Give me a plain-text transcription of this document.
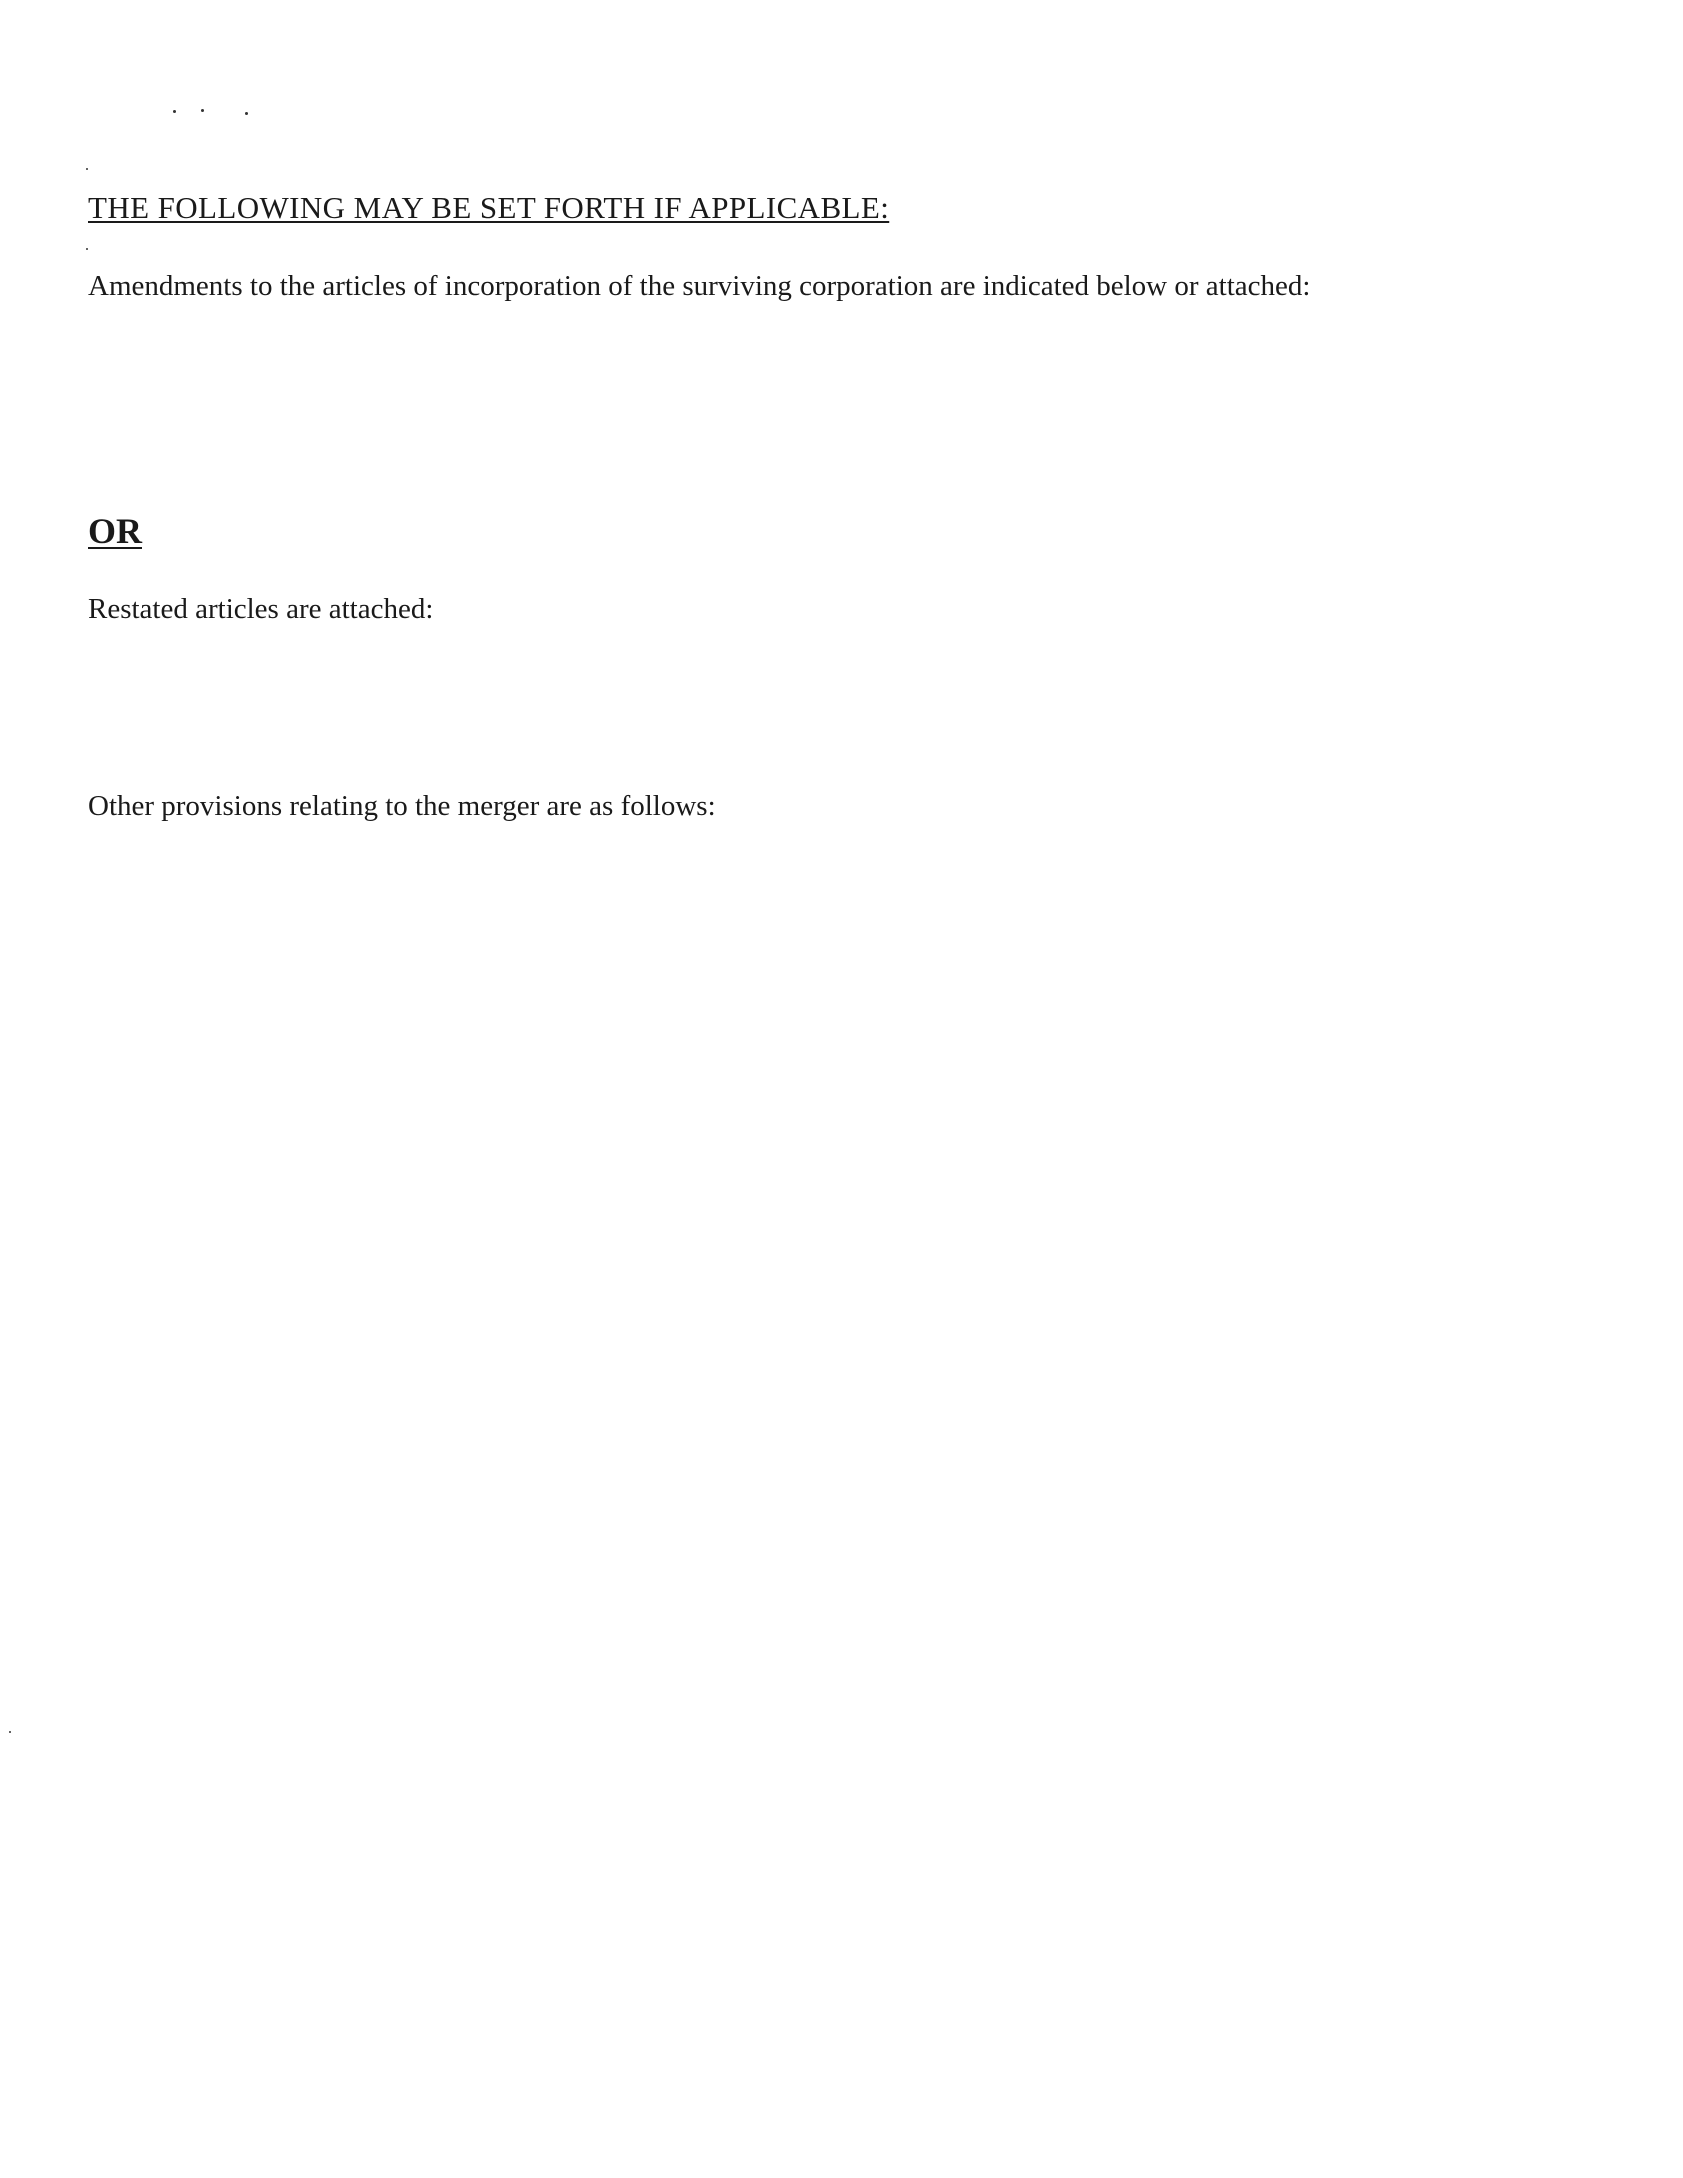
THE FOLLOWING MAY BE SET FORTH IF APPLICABLE:

Amendments to the articles of incorporation of the surviving corporation are indicated below or attached:

OR

Restated articles are attached:

Other provisions relating to the merger are as follows:
